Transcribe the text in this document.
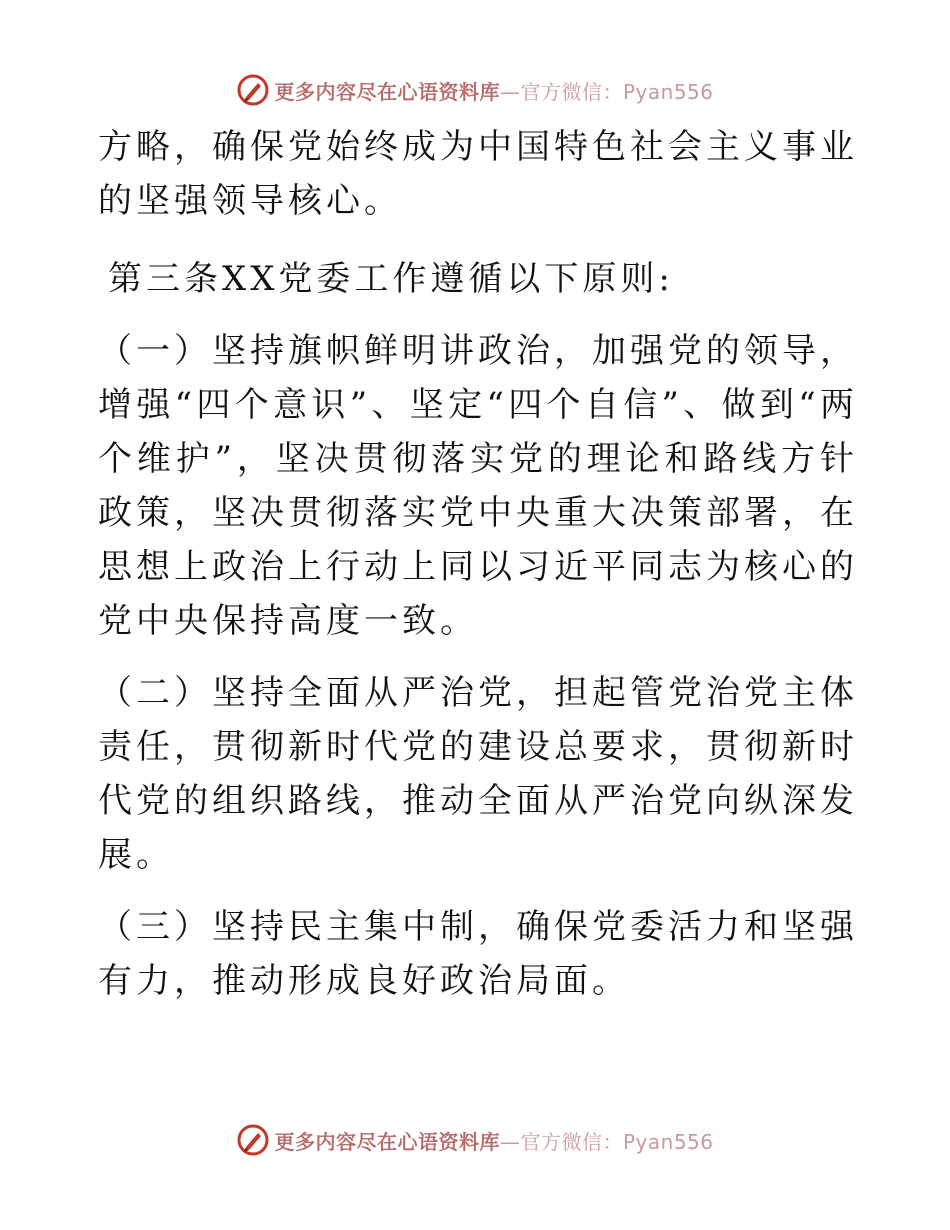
更多内容尽在心语资料库—官方微信：Pyan556

方略，确保党始终成为中国特色社会主义事业的坚强领导核心。

第三条XX党委工作遵循以下原则:

（一）坚持旗帜鲜明讲政治，加强党的领导，增强“四个意识”、坚定“四个自信”、做到“两个维护”，坚决贯彻落实党的理论和路线方针政策，坚决贯彻落实党中央重大决策部署，在思想上政治上行动上同以习近平同志为核心的党中央保持高度一致。

（二）坚持全面从严治党，担起管党治党主体责任，贯彻新时代党的建设总要求，贯彻新时代党的组织路线，推动全面从严治党向纵深发展。

（三）坚持民主集中制，确保党委活力和坚强有力，推动形成良好政治局面。

更多内容尽在心语资料库—官方微信：Pyan556
